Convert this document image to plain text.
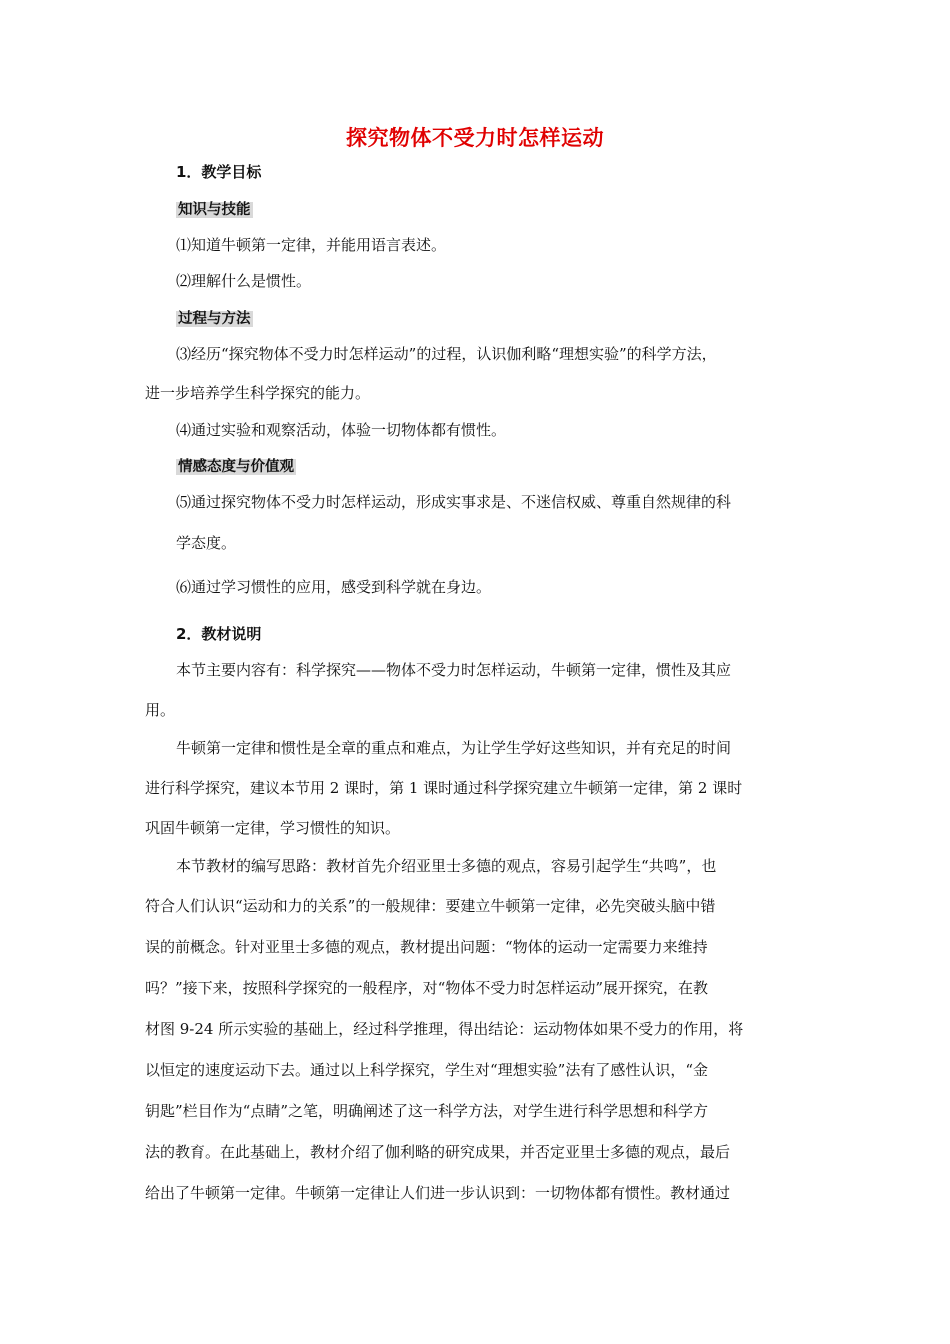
探究物体不受力时怎样运动
1．教学目标
知识与技能
⑴知道牛顿第一定律，并能用语言表述。
⑵理解什么是惯性。
过程与方法
⑶经历“探究物体不受力时怎样运动”的过程，认识伽利略“理想实验”的科学方法，
进一步培养学生科学探究的能力。
⑷通过实验和观察活动，体验一切物体都有惯性。
情感态度与价值观
⑸通过探究物体不受力时怎样运动，形成实事求是、不迷信权威、尊重自然规律的科
学态度。
⑹通过学习惯性的应用，感受到科学就在身边。
2．教材说明
本节主要内容有：科学探究——物体不受力时怎样运动，牛顿第一定律，惯性及其应
用。
牛顿第一定律和惯性是全章的重点和难点，为让学生学好这些知识，并有充足的时间
进行科学探究，建议本节用 2 课时，第 1 课时通过科学探究建立牛顿第一定律，第 2 课时
巩固牛顿第一定律，学习惯性的知识。
本节教材的编写思路：教材首先介绍亚里士多德的观点，容易引起学生“共鸣”，也
符合人们认识“运动和力的关系”的一般规律：要建立牛顿第一定律，必先突破头脑中错
误的前概念。针对亚里士多德的观点，教材提出问题：“物体的运动一定需要力来维持
吗？”接下来，按照科学探究的一般程序，对“物体不受力时怎样运动”展开探究，在教
材图 9-24 所示实验的基础上，经过科学推理，得出结论：运动物体如果不受力的作用，将
以恒定的速度运动下去。通过以上科学探究，学生对“理想实验”法有了感性认识，“金
钥匙”栏目作为“点睛”之笔，明确阐述了这一科学方法，对学生进行科学思想和科学方
法的教育。在此基础上，教材介绍了伽利略的研究成果，并否定亚里士多德的观点，最后
给出了牛顿第一定律。牛顿第一定律让人们进一步认识到：一切物体都有惯性。教材通过
